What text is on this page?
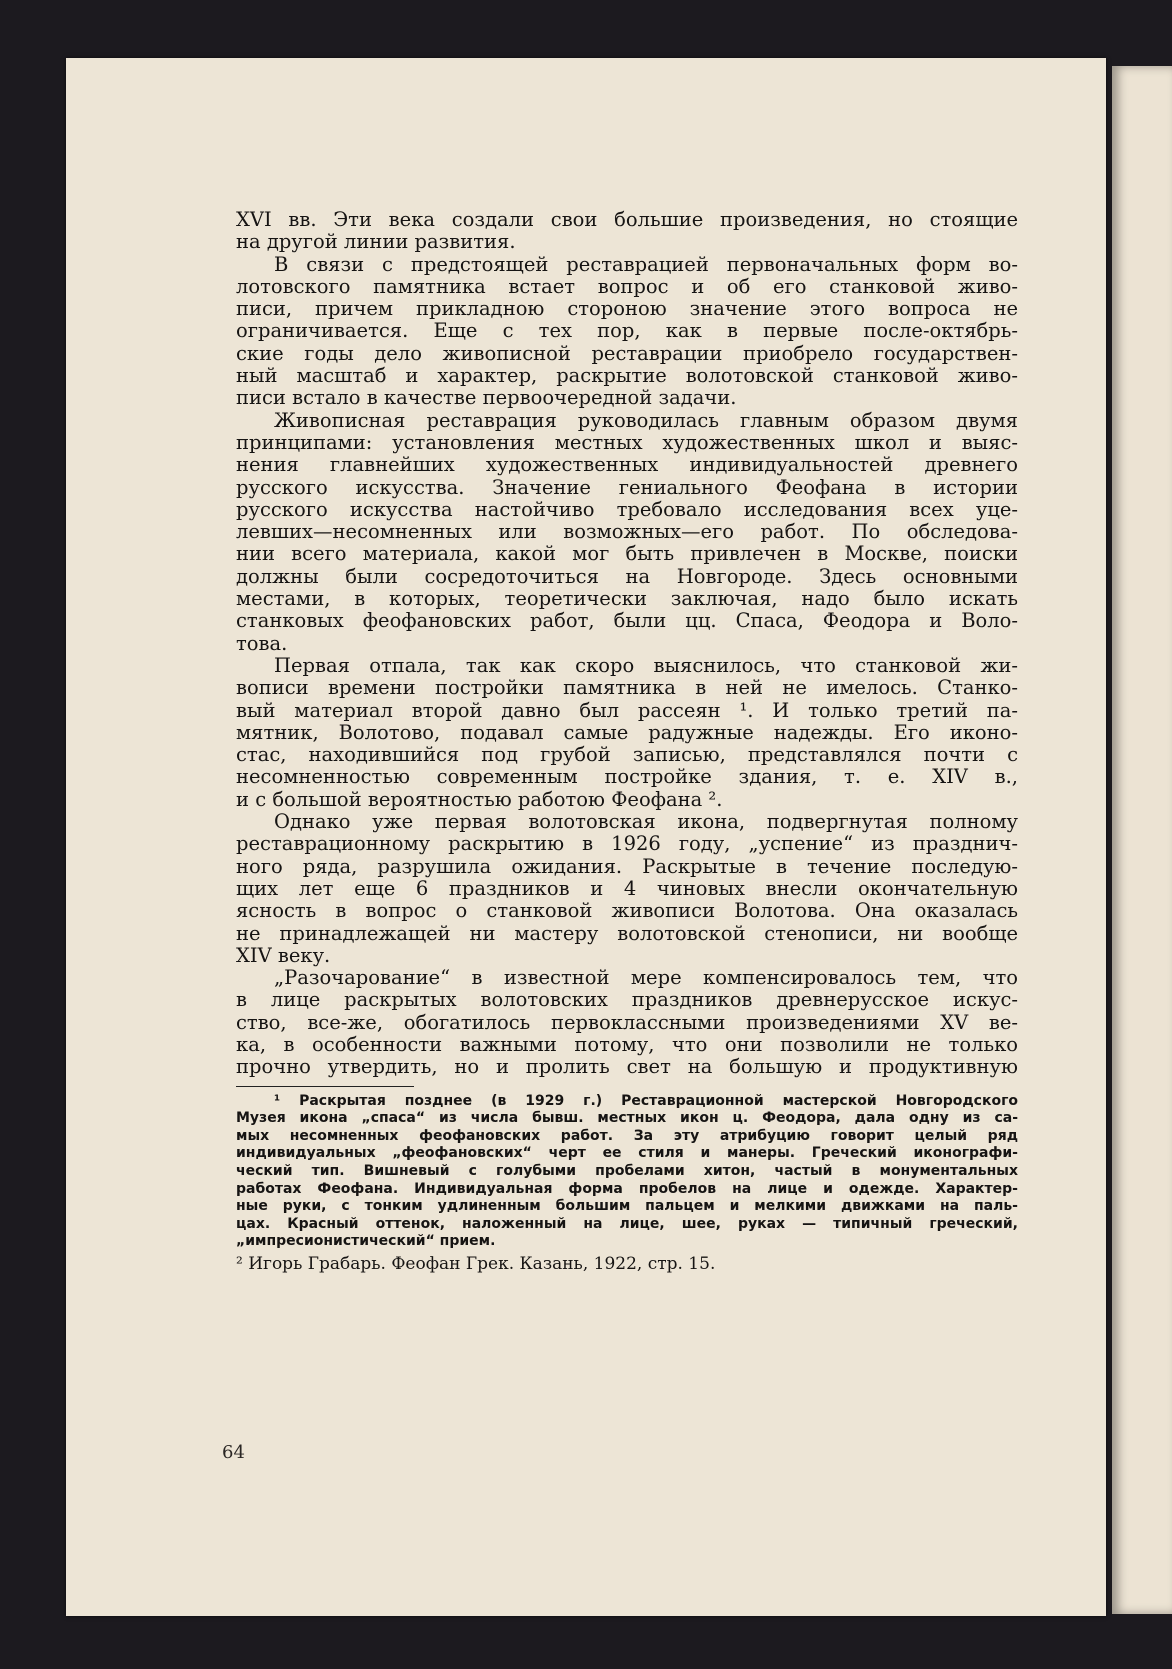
XVI вв. Эти века создали свои большие произведения, но стоящие
на другой линии развития.
В связи с предстоящей реставрацией первоначальных форм во-
лотовского памятника встает вопрос и об его станковой живо-
писи, причем прикладною стороною значение этого вопроса не
ограничивается. Еще с тех пор, как в первые после-октябрь-
ские годы дело живописной реставрации приобрело государствен-
ный масштаб и характер, раскрытие волотовской станковой живо-
писи встало в качестве первоочередной задачи.
Живописная реставрация руководилась главным образом двумя
принципами: установления местных художественных школ и выяс-
нения главнейших художественных индивидуальностей древнего
русского искусства. Значение гениального Феофана в истории
русского искусства настойчиво требовало исследования всех уце-
левших—несомненных или возможных—его работ. По обследова-
нии всего материала, какой мог быть привлечен в Москве, поиски
должны были сосредоточиться на Новгороде. Здесь основными
местами, в которых, теоретически заключая, надо было искать
станковых феофановских работ, были цц. Спаса, Феодора и Воло-
това.
Первая отпала, так как скоро выяснилось, что станковой жи-
вописи времени постройки памятника в ней не имелось. Станко-
вый материал второй давно был рассеян ¹. И только третий па-
мятник, Волотово, подавал самые радужные надежды. Его иконо-
стас, находившийся под грубой записью, представлялся почти с
несомненностью современным постройке здания, т. е. XIV в.,
и с большой вероятностью работою Феофана ².
Однако уже первая волотовская икона, подвергнутая полному
реставрационному раскрытию в 1926 году, „успение“ из празднич-
ного ряда, разрушила ожидания. Раскрытые в течение последую-
щих лет еще 6 праздников и 4 чиновых внесли окончательную
ясность в вопрос о станковой живописи Волотова. Она оказалась
не принадлежащей ни мастеру волотовской стенописи, ни вообще
XIV веку.
„Разочарование“ в известной мере компенсировалось тем, что
в лице раскрытых волотовских праздников древнерусское искус-
ство, все-же, обогатилось первоклассными произведениями XV ве-
ка, в особенности важными потому, что они позволили не только
прочно утвердить, но и пролить свет на большую и продуктивную
¹ Раскрытая позднее (в 1929 г.) Реставрационной мастерской Новгородского
Музея икона „спаса“ из числа бывш. местных икон ц. Феодора, дала одну из са-
мых несомненных феофановских работ. За эту атрибуцию говорит целый ряд
индивидуальных „феофановских“ черт ее стиля и манеры. Греческий иконографи-
ческий тип. Вишневый с голубыми пробелами хитон, частый в монументальных
работах Феофана. Индивидуальная форма пробелов на лице и одежде. Характер-
ные руки, с тонким удлиненным большим пальцем и мелкими движками на паль-
цах. Красный оттенок, наложенный на лице, шее, руках — типичный греческий,
„импресионистический“ прием.
² Игорь Грабарь. Феофан Грек. Казань, 1922, стр. 15.
64
